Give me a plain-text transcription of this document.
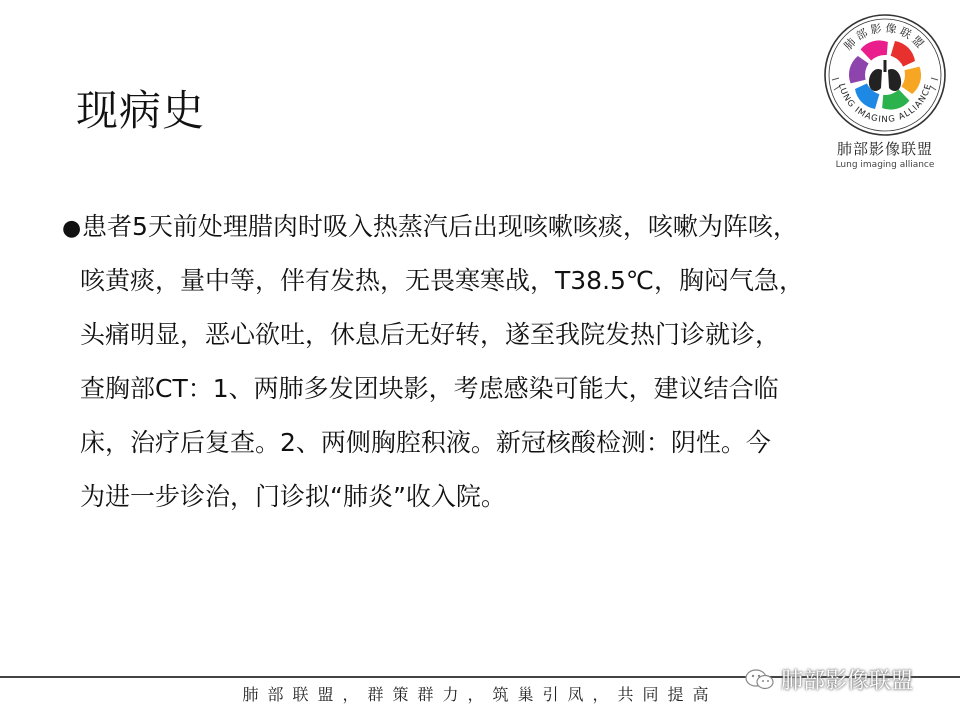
现病史
●患者5天前处理腊肉时吸入热蒸汽后出现咳嗽咳痰，咳嗽为阵咳，
咳黄痰，量中等，伴有发热，无畏寒寒战，T38.5℃，胸闷气急，
头痛明显，恶心欲吐，休息后无好转，遂至我院发热门诊就诊，
查胸部CT：1、两肺多发团块影，考虑感染可能大，建议结合临
床，治疗后复查。2、两侧胸腔积液。新冠核酸检测：阴性。今
为进一步诊治，门诊拟“肺炎”收入院。
肺部影像联盟
LUNG IMAGING ALLIANCE
肺部影像联盟
Lung imaging alliance
肺部联盟，群策群力，筑巢引凤，共同提高
肺部影像联盟
